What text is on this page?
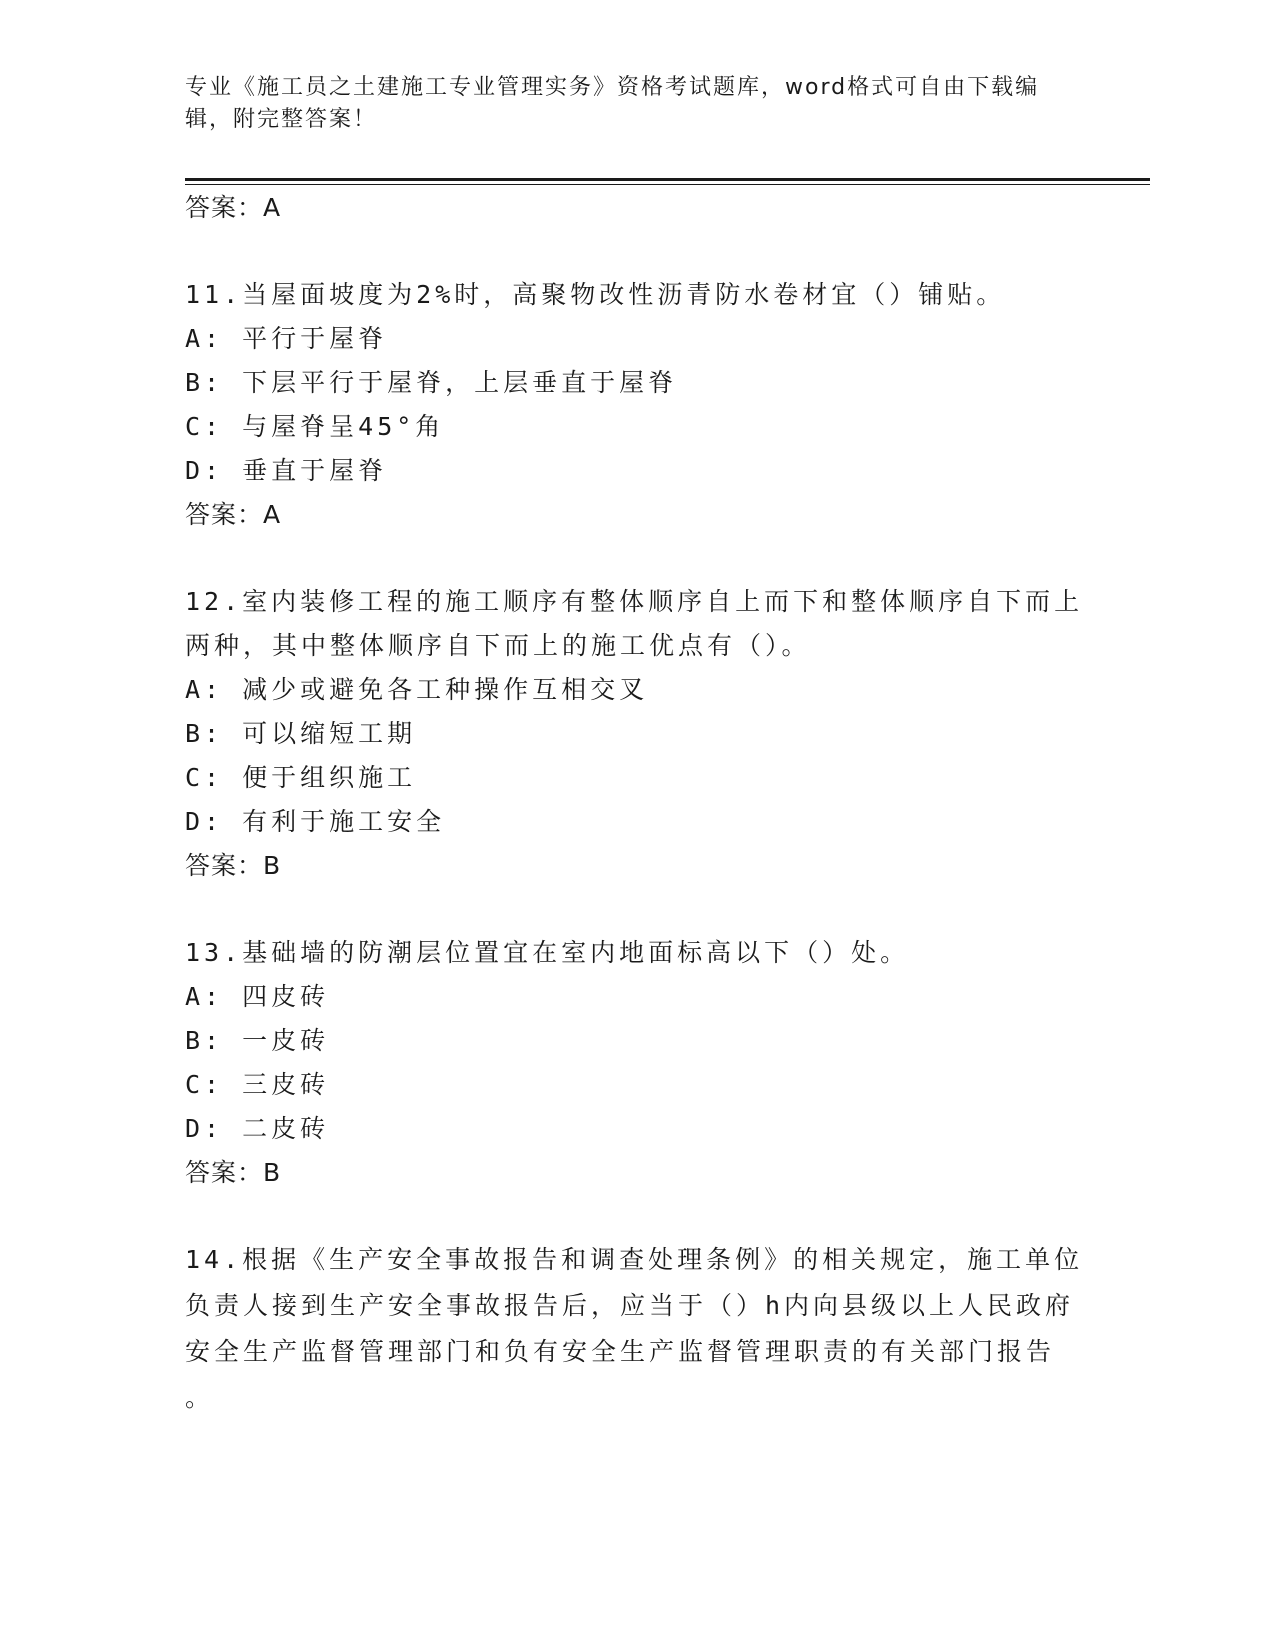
专业《施工员之土建施工专业管理实务》资格考试题库，word格式可自由下载编辑，附完整答案！
答案：A
11.当屋面坡度为2%时，高聚物改性沥青防水卷材宜（）铺贴。
A: 平行于屋脊
B: 下层平行于屋脊，上层垂直于屋脊
C: 与屋脊呈45°角
D: 垂直于屋脊
答案：A
12.室内装修工程的施工顺序有整体顺序自上而下和整体顺序自下而上
两种，其中整体顺序自下而上的施工优点有（）。
A: 减少或避免各工种操作互相交叉
B: 可以缩短工期
C: 便于组织施工
D: 有利于施工安全
答案：B
13.基础墙的防潮层位置宜在室内地面标高以下（）处。
A: 四皮砖
B: 一皮砖
C: 三皮砖
D: 二皮砖
答案：B
14.根据《生产安全事故报告和调查处理条例》的相关规定，施工单位
负责人接到生产安全事故报告后，应当于（）h内向县级以上人民政府
安全生产监督管理部门和负有安全生产监督管理职责的有关部门报告
。
